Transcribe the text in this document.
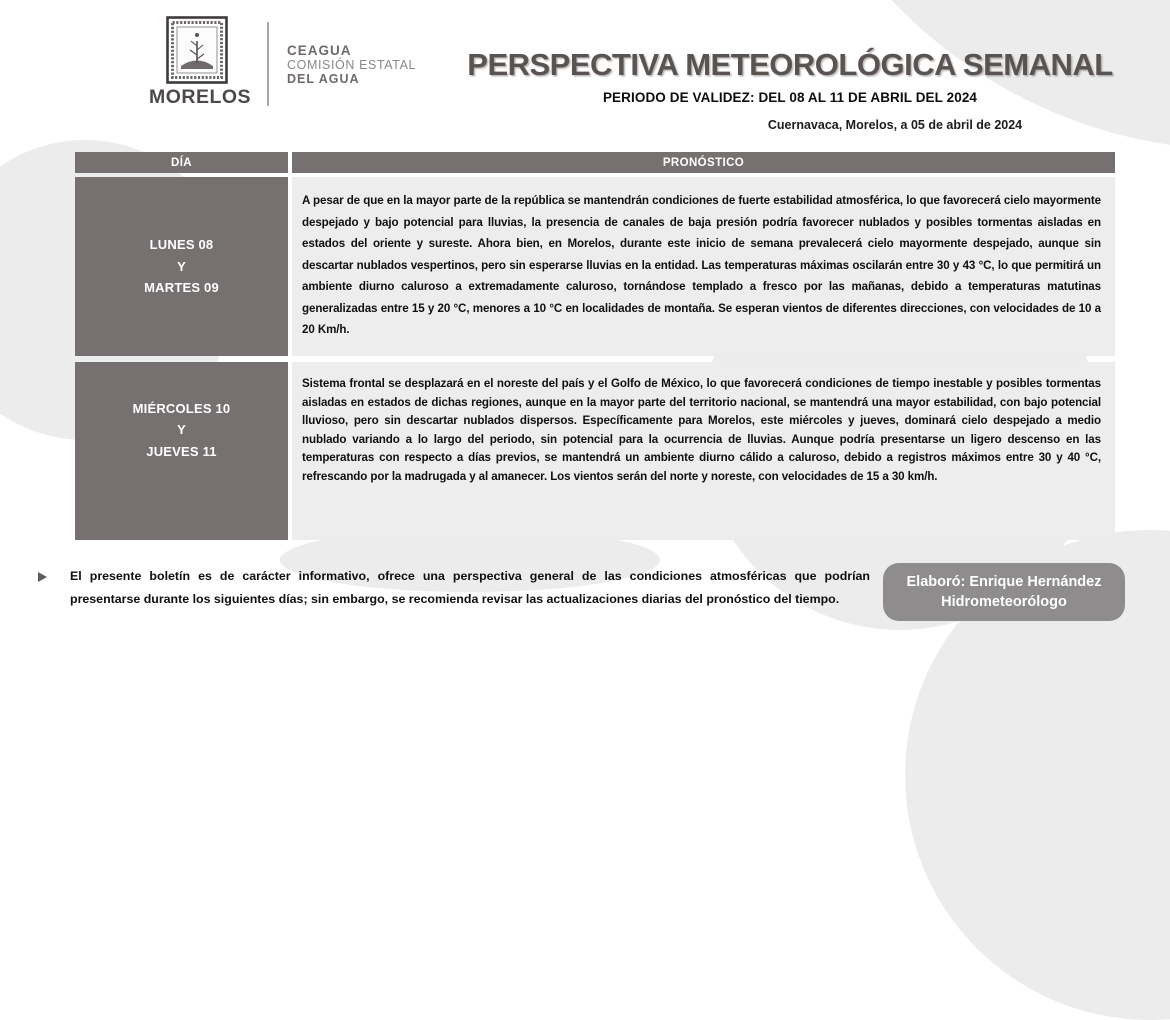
MORELOS
CEAGUA
COMISIÓN ESTATAL
DEL AGUA	PERSPECTIVA METEOROLÓGICA SEMANAL
PERIODO DE VALIDEZ: DEL 08 AL 11 DE ABRIL DEL 2024
Cuernavaca, Morelos, a 05 de abril de 2024
DÍA	PRONÓSTICO
LUNES 08
Y
MARTES 09

A pesar de que en la mayor parte de la república se mantendrán condiciones de fuerte estabilidad atmosférica, lo que favorecerá cielo mayormente despejado y bajo potencial para lluvias, la presencia de canales de baja presión podría favorecer nublados y posibles tormentas aisladas en estados del oriente y sureste. Ahora bien, en Morelos, durante este inicio de semana prevalecerá cielo mayormente despejado, aunque sin descartar nublados vespertinos, pero sin esperarse lluvias en la entidad. Las temperaturas máximas oscilarán entre 30 y 43 °C, lo que permitirá un ambiente diurno caluroso a extremadamente caluroso, tornándose templado a fresco por las mañanas, debido a temperaturas matutinas generalizadas entre 15 y 20 °C, menores a 10 °C en localidades de montaña. Se esperan vientos de diferentes direcciones, con velocidades de 10 a 20 Km/h.

MIÉRCOLES 10
Y
JUEVES 11

Sistema frontal se desplazará en el noreste del país y el Golfo de México, lo que favorecerá condiciones de tiempo inestable y posibles tormentas aisladas en estados de dichas regiones, aunque en la mayor parte del territorio nacional, se mantendrá una mayor estabilidad, con bajo potencial lluvioso, pero sin descartar nublados dispersos. Específicamente para Morelos, este miércoles y jueves, dominará cielo despejado a medio nublado variando a lo largo del periodo, sin potencial para la ocurrencia de lluvias. Aunque podría presentarse un ligero descenso en las temperaturas con respecto a días previos, se mantendrá un ambiente diurno cálido a caluroso, debido a registros máximos entre 30 y 40 °C, refrescando por la madrugada y al amanecer. Los vientos serán del norte y noreste, con velocidades de 15 a 30 km/h.

El presente boletín es de carácter informativo, ofrece una perspectiva general de las condiciones atmosféricas que podrían presentarse durante los siguientes días; sin embargo, se recomienda revisar las actualizaciones diarias del pronóstico del tiempo.
Elaboró: Enrique Hernández
Hidrometeorólogo
